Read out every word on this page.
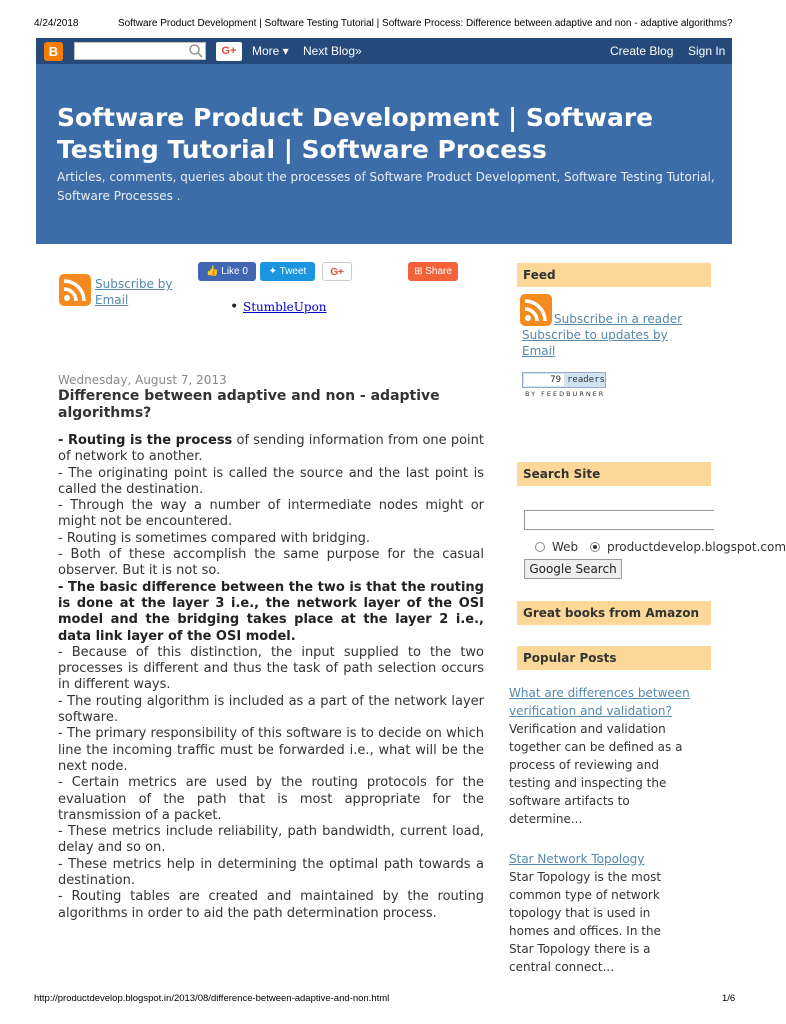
4/24/2018	Software Product Development | Software Testing Tutorial | Software Process: Difference between adaptive and non - adaptive algorithms?
B	G+	More ▾ Next Blog»	Create Blog Sign In
Software Product Development | Software Testing Tutorial | Software Process
Articles, comments, queries about the processes of Software Product Development, Software Testing Tutorial, Software Processes .
👍 Like 0	✦ Tweet	G+	⊞ Share
• StumbleUpon
Subscribe by Email
Wednesday, August 7, 2013
Difference between adaptive and non - adaptive algorithms?
- Routing is the process of sending information from one point of network to another.
- The originating point is called the source and the last point is called the destination.
- Through the way a number of intermediate nodes might or might not be encountered.
- Routing is sometimes compared with bridging.
- Both of these accomplish the same purpose for the casual observer. But it is not so.
- The basic difference between the two is that the routing is done at the layer 3 i.e., the network layer of the OSI model and the bridging takes place at the layer 2 i.e., data link layer of the OSI model.
- Because of this distinction, the input supplied to the two processes is different and thus the task of path selection occurs in different ways.
- The routing algorithm is included as a part of the network layer software.
- The primary responsibility of this software is to decide on which line the incoming traffic must be forwarded i.e., what will be the next node.
- Certain metrics are used by the routing protocols for the evaluation of the path that is most appropriate for the transmission of a packet.
- These metrics include reliability, path bandwidth, current load, delay and so on.
- These metrics help in determining the optimal path towards a destination.
- Routing tables are created and maintained by the routing algorithms in order to aid the path determination process.
Feed
Subscribe in a reader
Subscribe to updates by Email
79 readers
BY FEEDBURNER
Search Site
Web productdevelop.blogspot.com
Google Search
Great books from Amazon
Popular Posts
What are differences between verification and validation?
Verification and validation together can be defined as a process of reviewing and testing and inspecting the software artifacts to determine...
Star Network Topology
Star Topology is the most common type of network topology that is used in homes and offices. In the Star Topology there is a central connect...
http://productdevelop.blogspot.in/2013/08/difference-between-adaptive-and-non.html	1/6
